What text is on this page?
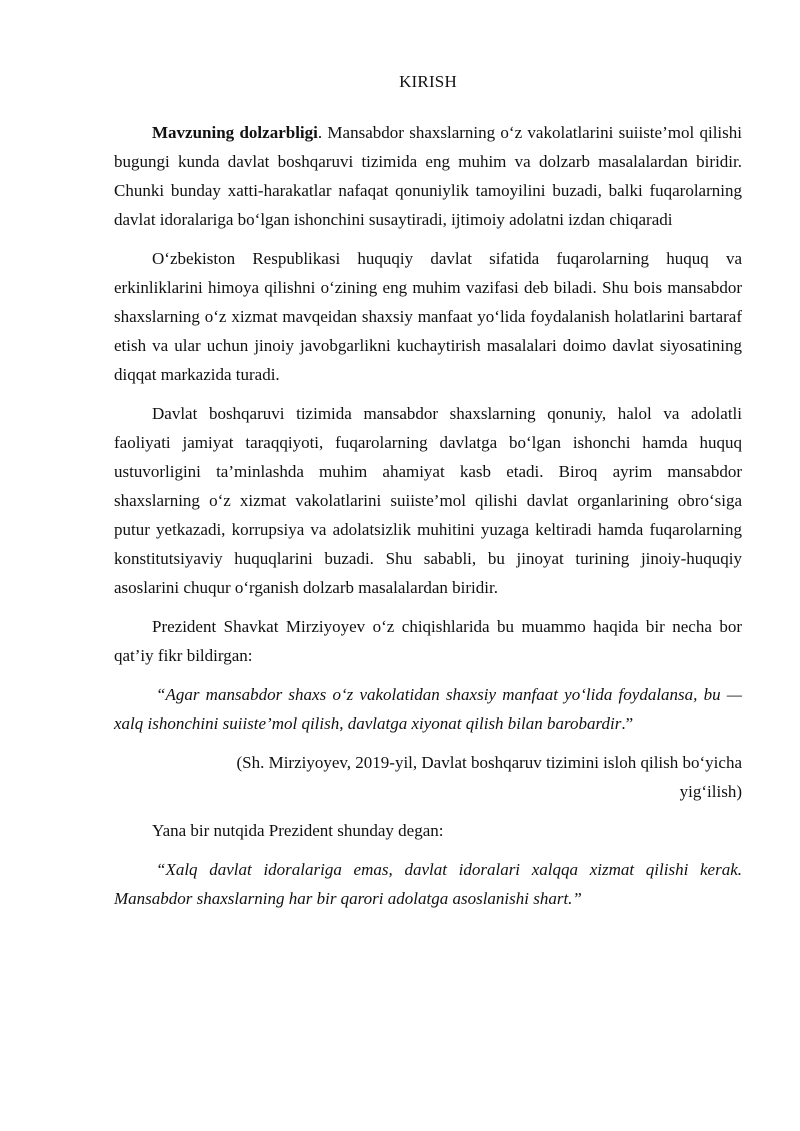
KIRISH

Mavzuning dolzarbligi. Mansabdor shaxslarning o‘z vakolatlarini suiiste’mol qilishi bugungi kunda davlat boshqaruvi tizimida eng muhim va dolzarb masalalardan biridir. Chunki bunday xatti-harakatlar nafaqat qonuniylik tamoyilini buzadi, balki fuqarolarning davlat idoralariga bo‘lgan ishonchini susaytiradi, ijtimoiy adolatni izdan chiqaradi

O‘zbekiston Respublikasi huquqiy davlat sifatida fuqarolarning huquq va erkinliklarini himoya qilishni o‘zining eng muhim vazifasi deb biladi. Shu bois mansabdor shaxslarning o‘z xizmat mavqeidan shaxsiy manfaat yo‘lida foydalanish holatlarini bartaraf etish va ular uchun jinoiy javobgarlikni kuchaytirish masalalari doimo davlat siyosatining diqqat markazida turadi.

Davlat boshqaruvi tizimida mansabdor shaxslarning qonuniy, halol va adolatli faoliyati jamiyat taraqqiyoti, fuqarolarning davlatga bo‘lgan ishonchi hamda huquq ustuvorligini ta’minlashda muhim ahamiyat kasb etadi. Biroq ayrim mansabdor shaxslarning o‘z xizmat vakolatlarini suiiste’mol qilishi davlat organlarining obro‘siga putur yetkazadi, korrupsiya va adolatsizlik muhitini yuzaga keltiradi hamda fuqarolarning konstitutsiyaviy huquqlarini buzadi. Shu sababli, bu jinoyat turining jinoiy-huquqiy asoslarini chuqur o‘rganish dolzarb masalalardan biridir.

Prezident Shavkat Mirziyoyev o‘z chiqishlarida bu muammo haqida bir necha bor qat’iy fikr bildirgan:

“Agar mansabdor shaxs o‘z vakolatidan shaxsiy manfaat yo‘lida foydalansa, bu — xalq ishonchini suiiste’mol qilish, davlatga xiyonat qilish bilan barobardir.”

(Sh. Mirziyoyev, 2019-yil, Davlat boshqaruv tizimini isloh qilish bo‘yicha
yig‘ilish)

Yana bir nutqida Prezident shunday degan:

“Xalq davlat idoralariga emas, davlat idoralari xalqqa xizmat qilishi kerak. Mansabdor shaxslarning har bir qarori adolatga asoslanishi shart.”
